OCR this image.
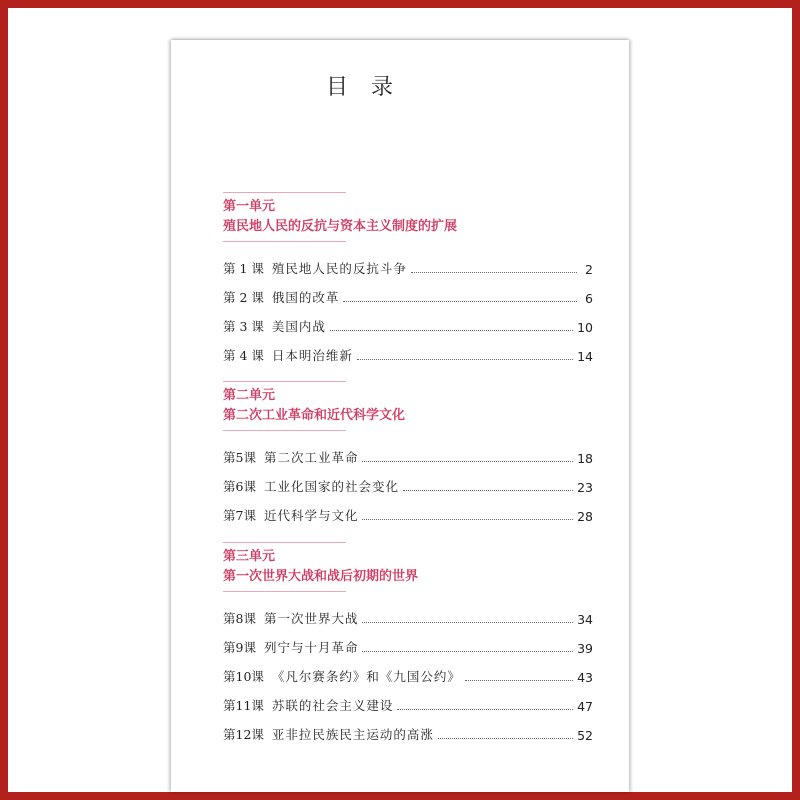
目 录
第一单元
殖民地人民的反抗与资本主义制度的扩展
第 1 课 殖民地人民的反抗斗争	2
第 2 课 俄国的改革	6
第 3 课 美国内战	10
第 4 课 日本明治维新	14
第二单元
第二次工业革命和近代科学文化
第5课 第二次工业革命	18
第6课 工业化国家的社会变化	23
第7课 近代科学与文化	28
第三单元
第一次世界大战和战后初期的世界
第8课 第一次世界大战	34
第9课 列宁与十月革命	39
第10课 《凡尔赛条约》和《九国公约》	43
第11课 苏联的社会主义建设	47
第12课 亚非拉民族民主运动的高涨	52
